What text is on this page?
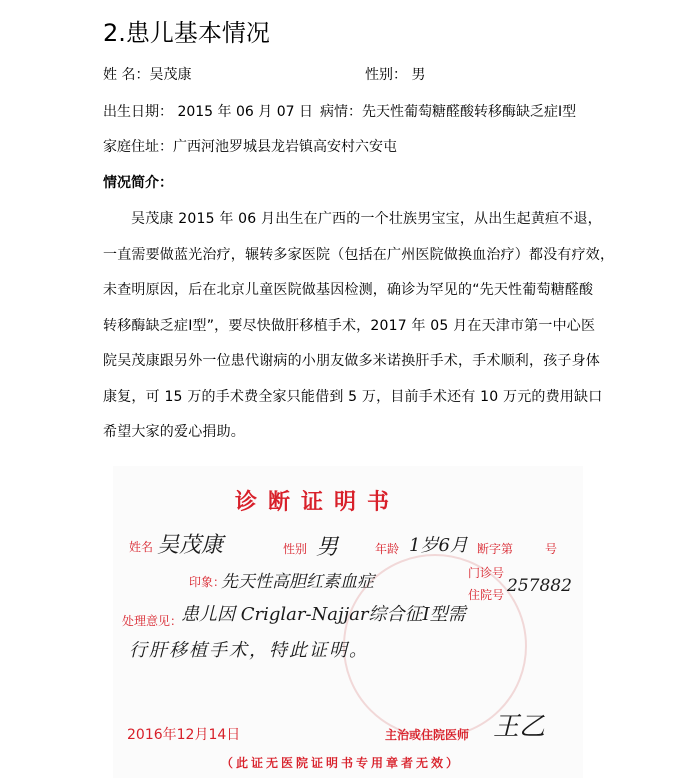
2.患儿基本情况
姓 名：吴茂康	性别： 男
出生日期： 2015 年 06 月 07 日 病情：先天性葡萄糖醛酸转移酶缺乏症Ⅰ型
家庭住址：广西河池罗城县龙岩镇高安村六安屯
情况简介：
吴茂康 2015 年 06 月出生在广西的一个壮族男宝宝，从出生起黄疸不退，
一直需要做蓝光治疗，辗转多家医院（包括在广州医院做换血治疗）都没有疗效，
未查明原因，后在北京儿童医院做基因检测，确诊为罕见的“先天性葡萄糖醛酸
转移酶缺乏症Ⅰ型”，要尽快做肝移植手术，2017 年 05 月在天津市第一中心医
院吴茂康跟另外一位患代谢病的小朋友做多米诺换肝手术，手术顺利，孩子身体
康复，可 15 万的手术费全家只能借到 5 万，目前手术还有 10 万元的费用缺口
希望大家的爱心捐助。
诊断证明书
姓名 吴茂康	性别 男	年龄 1岁6月 断字第	号
门诊号
住院号 257882
印象：
先天性高胆红素血症
处理意见：
患儿因 Criglar-Najjar综合征Ⅰ型需
行肝移植手术，特此证明。
2016年12月14日	主治或住院医师 王乙
（此证无医院证明书专用章者无效）
